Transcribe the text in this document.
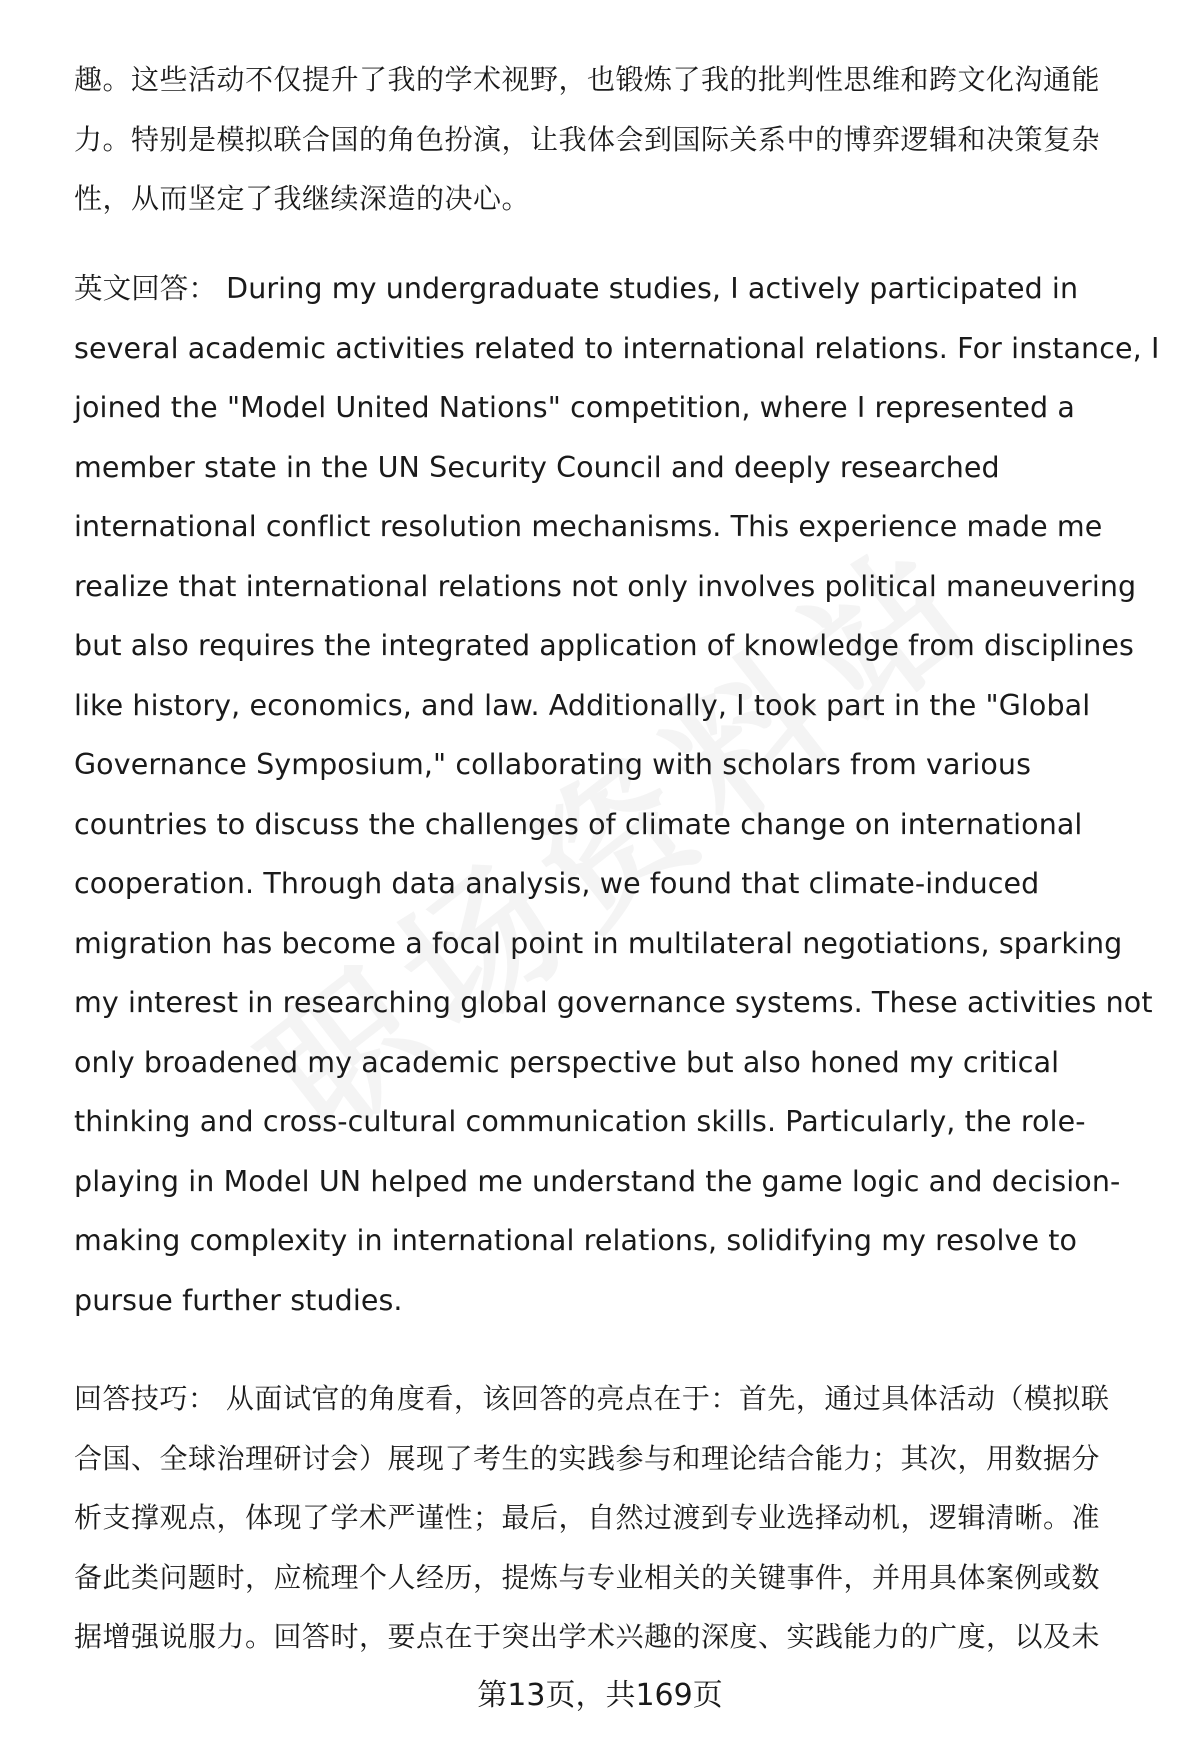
趣。这些活动不仅提升了我的学术视野，也锻炼了我的批判性思维和跨文化沟通能
力。特别是模拟联合国的角色扮演，让我体会到国际关系中的博弈逻辑和决策复杂
性，从而坚定了我继续深造的决心。
英文回答： During my undergraduate studies, I actively participated in
several academic activities related to international relations. For instance, I
joined the "Model United Nations" competition, where I represented a
member state in the UN Security Council and deeply researched
international conflict resolution mechanisms. This experience made me
realize that international relations not only involves political maneuvering
but also requires the integrated application of knowledge from disciplines
like history, economics, and law. Additionally, I took part in the "Global
Governance Symposium," collaborating with scholars from various
countries to discuss the challenges of climate change on international
cooperation. Through data analysis, we found that climate-induced
migration has become a focal point in multilateral negotiations, sparking
my interest in researching global governance systems. These activities not
only broadened my academic perspective but also honed my critical
thinking and cross-cultural communication skills. Particularly, the role-
playing in Model UN helped me understand the game logic and decision-
making complexity in international relations, solidifying my resolve to
pursue further studies.
回答技巧： 从面试官的角度看，该回答的亮点在于：首先，通过具体活动（模拟联
合国、全球治理研讨会）展现了考生的实践参与和理论结合能力；其次，用数据分
析支撑观点，体现了学术严谨性；最后，自然过渡到专业选择动机，逻辑清晰。准
备此类问题时，应梳理个人经历，提炼与专业相关的关键事件，并用具体案例或数
据增强说服力。回答时，要点在于突出学术兴趣的深度、实践能力的广度，以及未
第13页，共169页
